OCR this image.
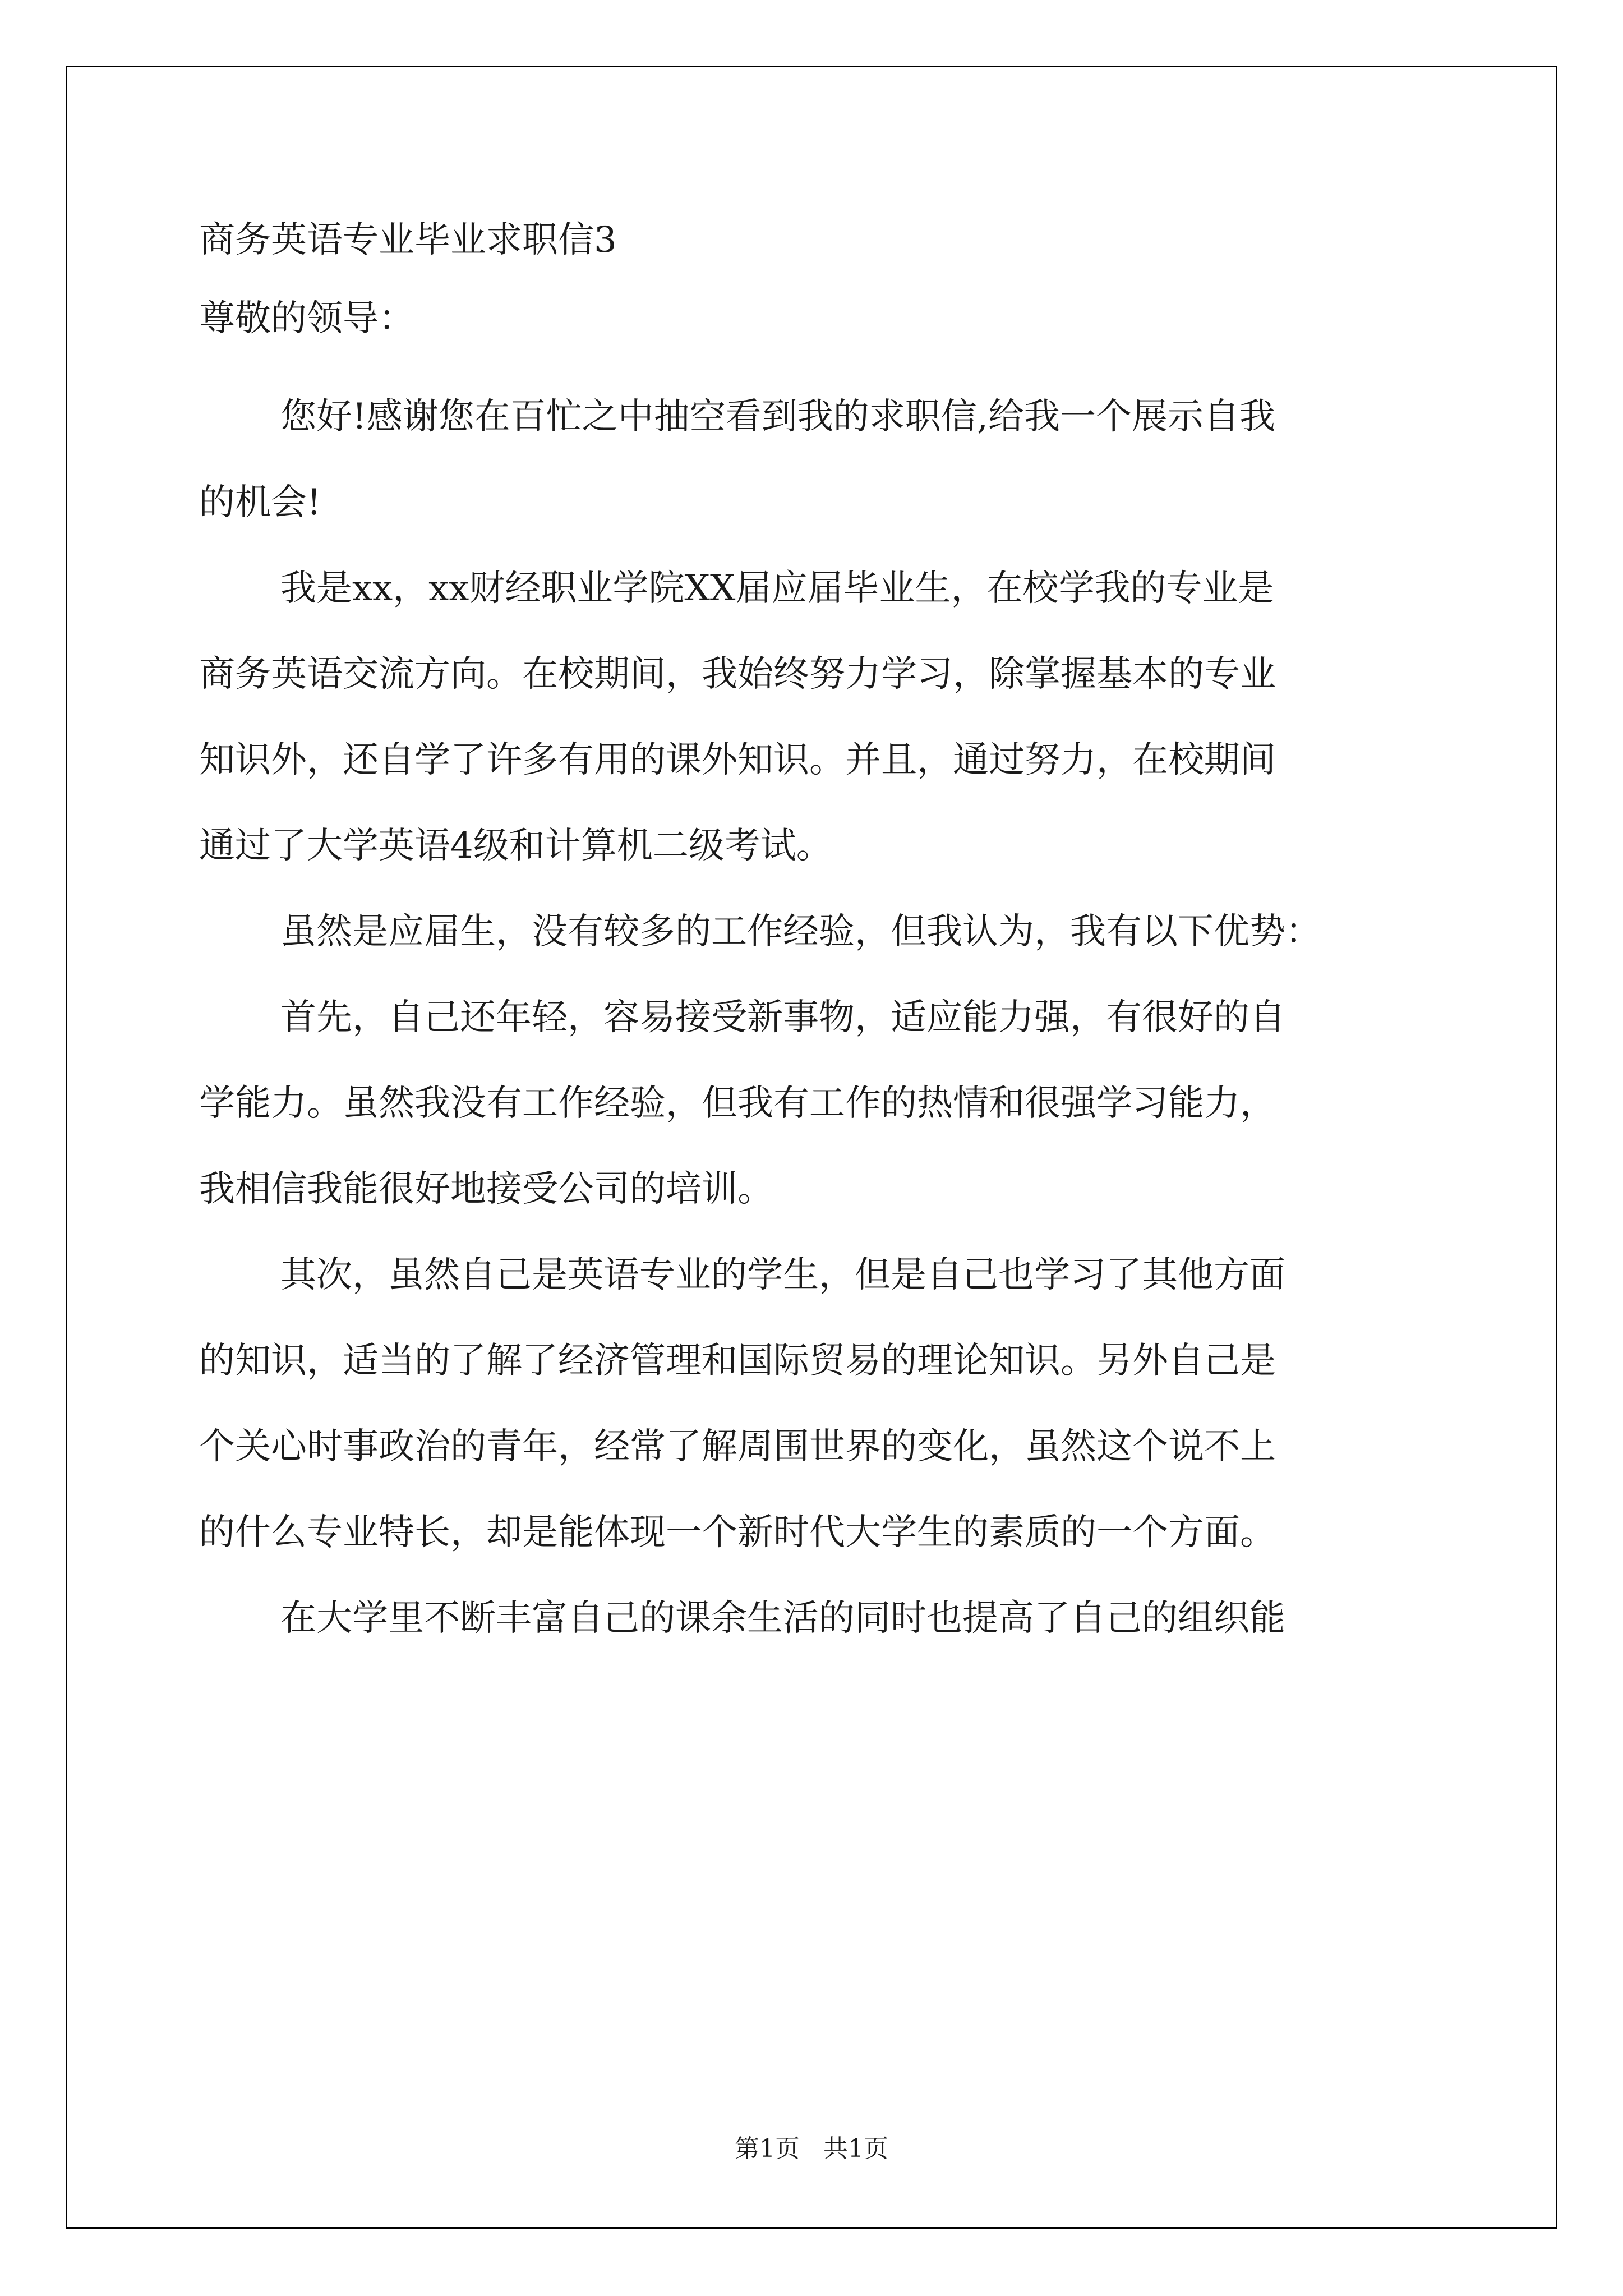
商务英语专业毕业求职信3

尊敬的领导：

您好!感谢您在百忙之中抽空看到我的求职信,给我一个展示自我

的机会!

我是xx，xx财经职业学院XX届应届毕业生，在校学我的专业是

商务英语交流方向。在校期间，我始终努力学习，除掌握基本的专业

知识外，还自学了许多有用的课外知识。并且，通过努力，在校期间

通过了大学英语4级和计算机二级考试。

虽然是应届生，没有较多的工作经验，但我认为，我有以下优势：

首先，自己还年轻，容易接受新事物，适应能力强，有很好的自

学能力。虽然我没有工作经验，但我有工作的热情和很强学习能力，

我相信我能很好地接受公司的培训。

其次，虽然自己是英语专业的学生，但是自己也学习了其他方面

的知识，适当的了解了经济管理和国际贸易的理论知识。另外自己是

个关心时事政治的青年，经常了解周围世界的变化，虽然这个说不上

的什么专业特长，却是能体现一个新时代大学生的素质的一个方面。

在大学里不断丰富自己的课余生活的同时也提高了自己的组织能

第1页   共1页
